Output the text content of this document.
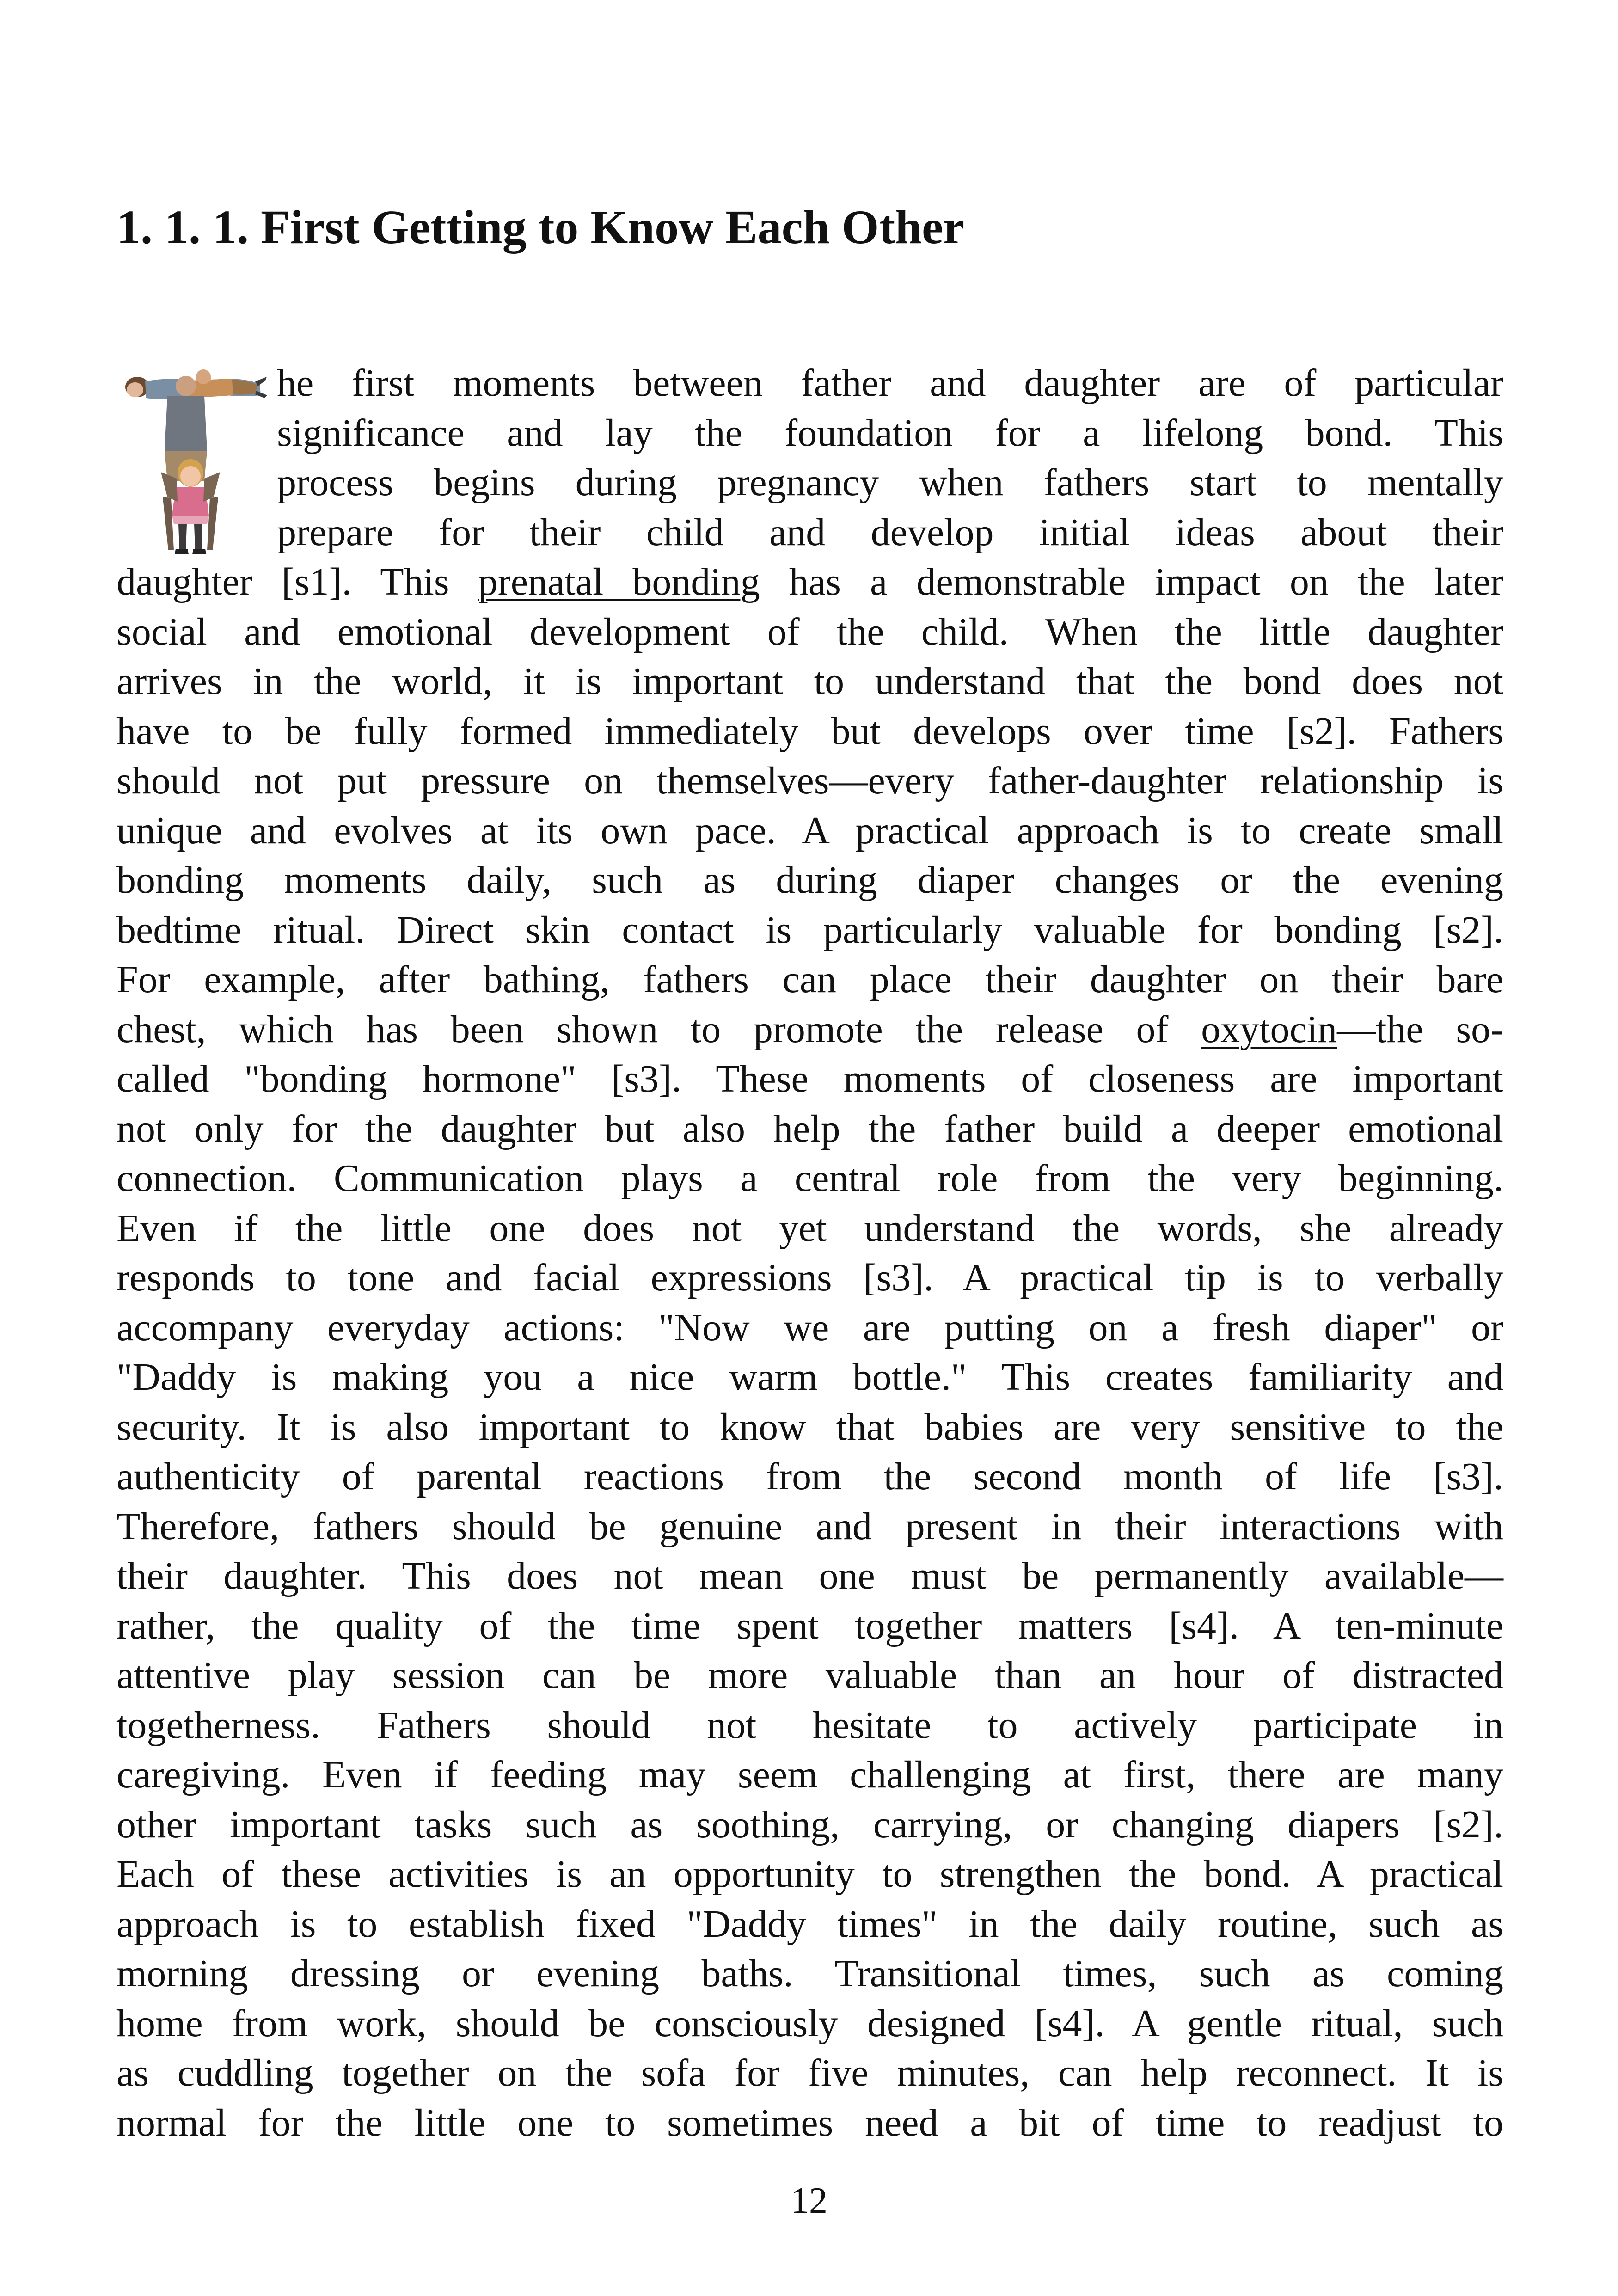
1. 1. 1. First Getting to Know Each Other
he first moments between father and daughter are of particular
significance and lay the foundation for a lifelong bond. This
process begins during pregnancy when fathers start to mentally
prepare for their child and develop initial ideas about their
daughter [s1]. This prenatal bonding has a demonstrable impact on the later
social and emotional development of the child. When the little daughter
arrives in the world, it is important to understand that the bond does not
have to be fully formed immediately but develops over time [s2]. Fathers
should not put pressure on themselves—every father-daughter relationship is
unique and evolves at its own pace. A practical approach is to create small
bonding moments daily, such as during diaper changes or the evening
bedtime ritual. Direct skin contact is particularly valuable for bonding [s2].
For example, after bathing, fathers can place their daughter on their bare
chest, which has been shown to promote the release of oxytocin—the so-
called "bonding hormone" [s3]. These moments of closeness are important
not only for the daughter but also help the father build a deeper emotional
connection. Communication plays a central role from the very beginning.
Even if the little one does not yet understand the words, she already
responds to tone and facial expressions [s3]. A practical tip is to verbally
accompany everyday actions: "Now we are putting on a fresh diaper" or
"Daddy is making you a nice warm bottle." This creates familiarity and
security. It is also important to know that babies are very sensitive to the
authenticity of parental reactions from the second month of life [s3].
Therefore, fathers should be genuine and present in their interactions with
their daughter. This does not mean one must be permanently available—
rather, the quality of the time spent together matters [s4]. A ten-minute
attentive play session can be more valuable than an hour of distracted
togetherness. Fathers should not hesitate to actively participate in
caregiving. Even if feeding may seem challenging at first, there are many
other important tasks such as soothing, carrying, or changing diapers [s2].
Each of these activities is an opportunity to strengthen the bond. A practical
approach is to establish fixed "Daddy times" in the daily routine, such as
morning dressing or evening baths. Transitional times, such as coming
home from work, should be consciously designed [s4]. A gentle ritual, such
as cuddling together on the sofa for five minutes, can help reconnect. It is
normal for the little one to sometimes need a bit of time to readjust to
12
